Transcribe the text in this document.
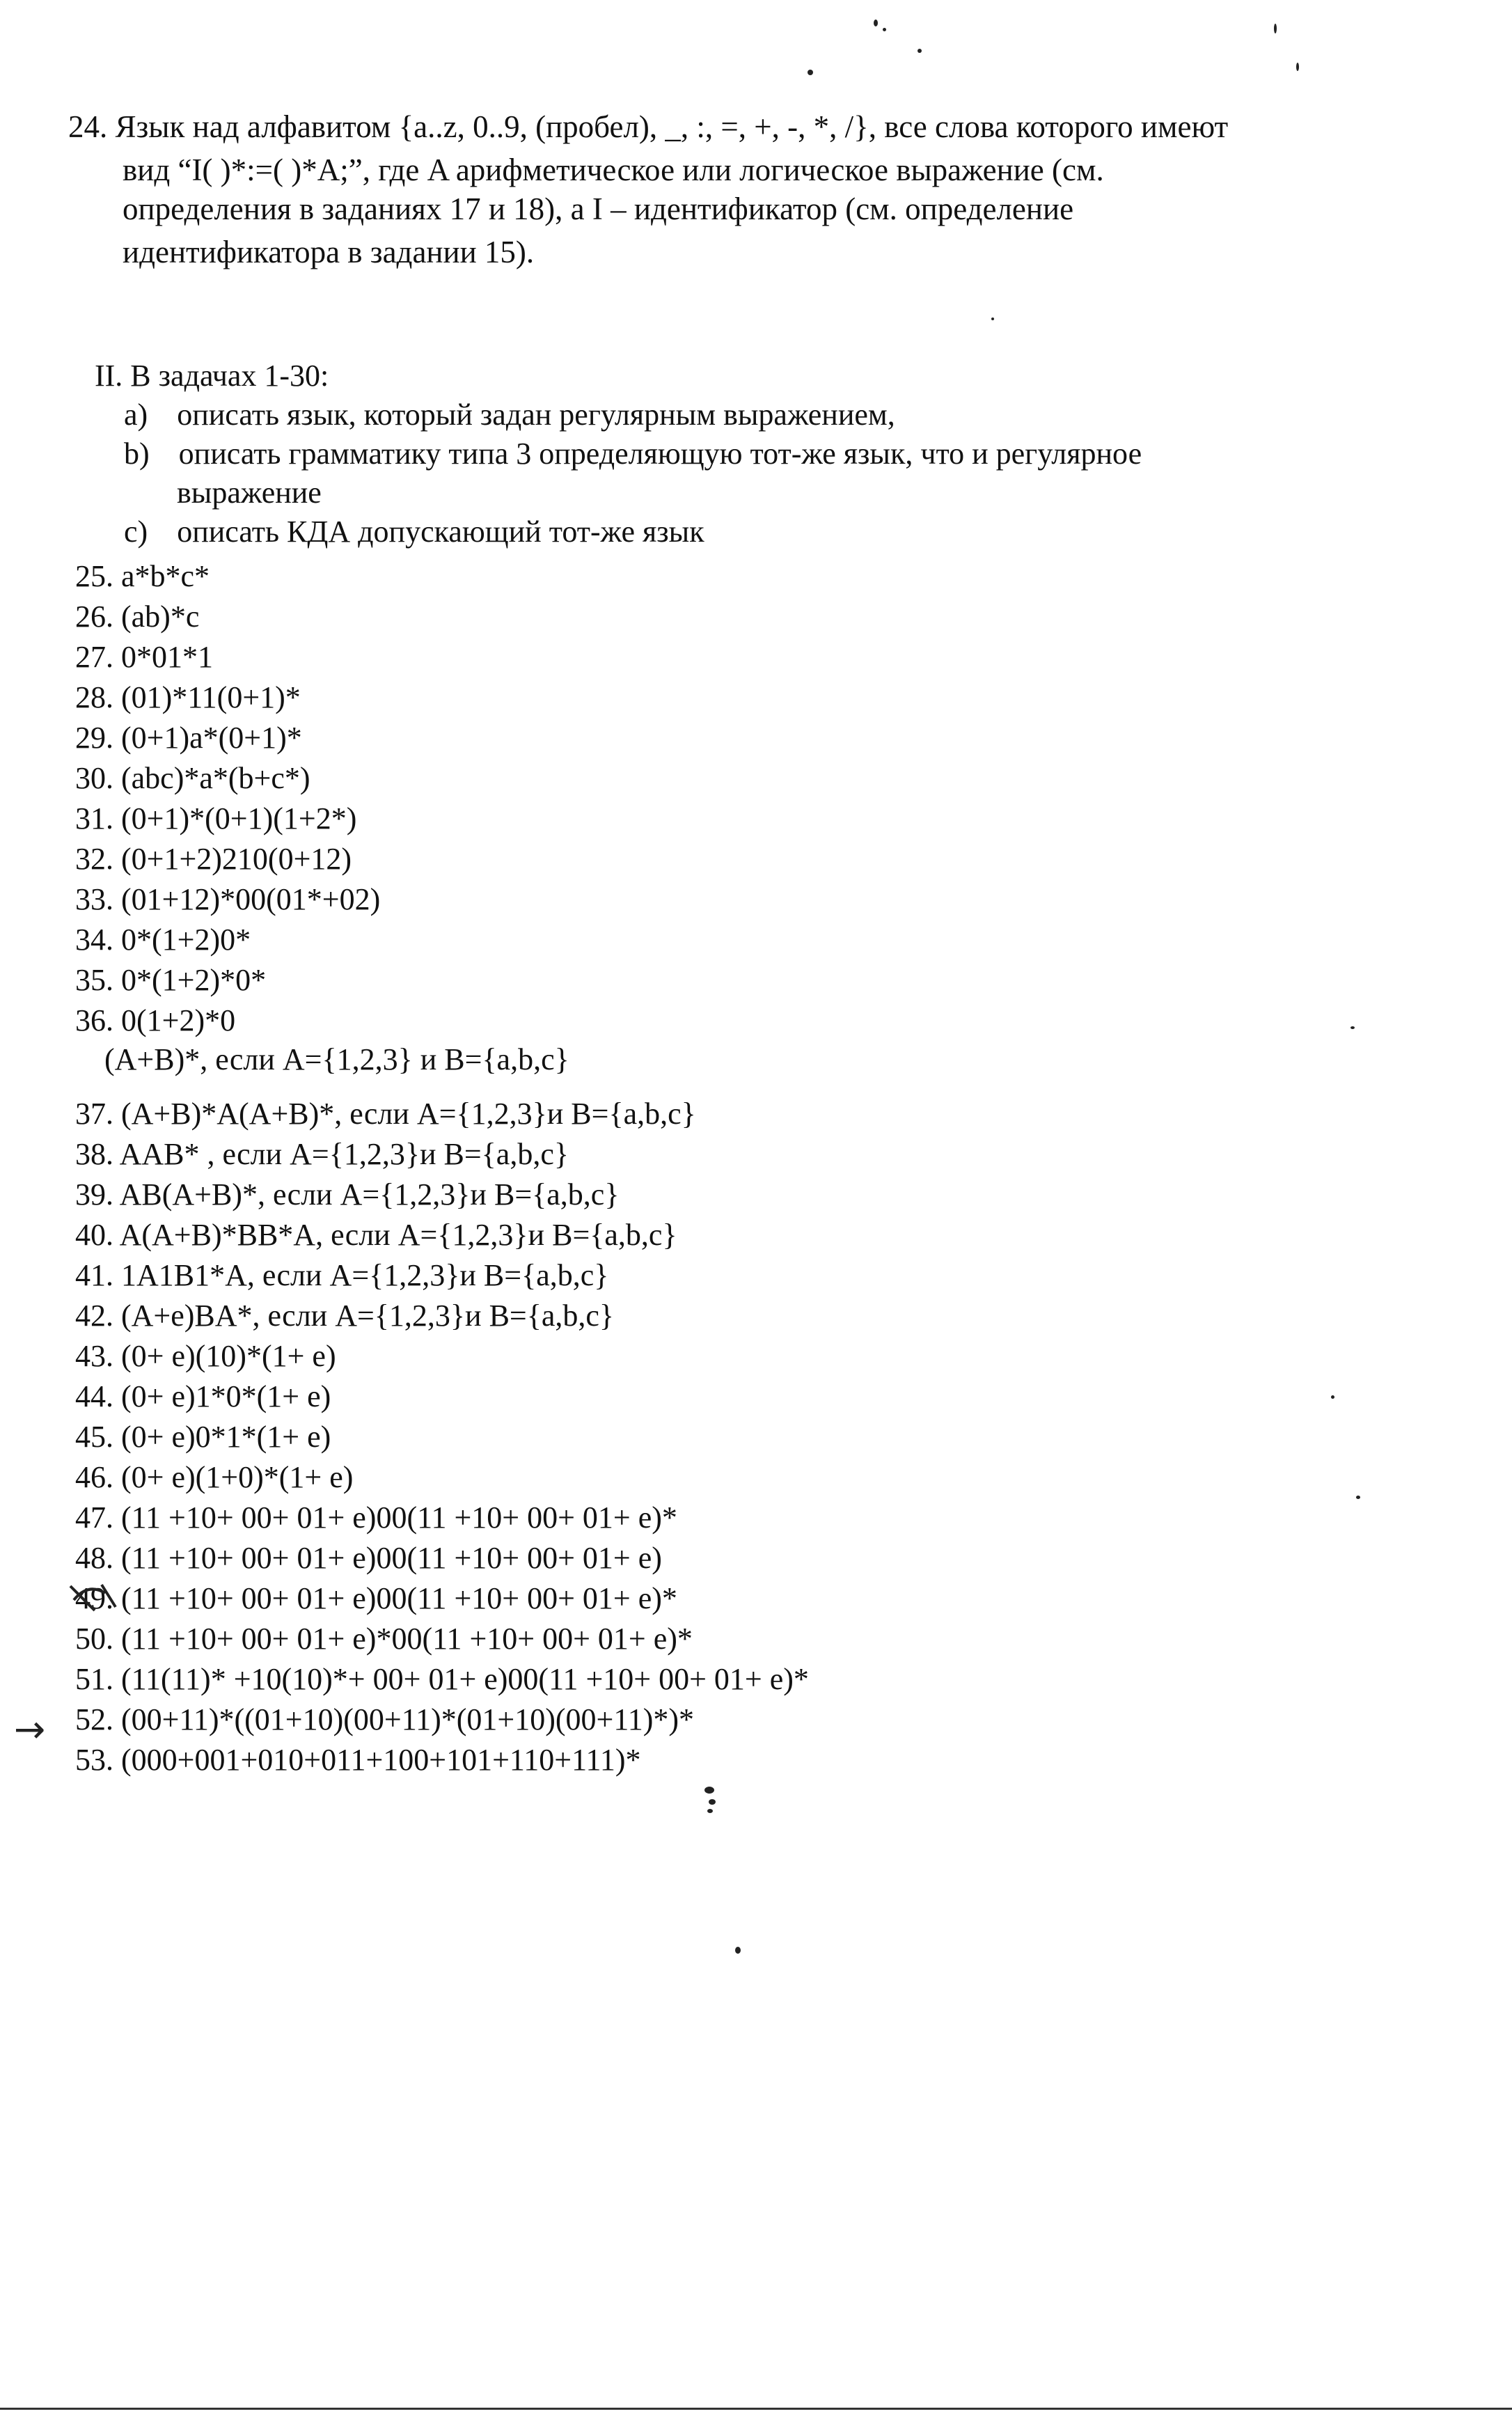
24. Язык над алфавитом {a..z, 0..9, (пробел), _, :, =, +, -, *, /}, все слова которого имеют
вид “I( )*:=( )*A;”, где A арифметическое или логическое выражение (см.
определения в заданиях 17 и 18), а I – идентификатор (см. определение
идентификатора в задании 15).
II. В задачах 1-30:
a) описать язык, который задан регулярным выражением,
b) описать грамматику типа 3 определяющую тот-же язык, что и регулярное
выражение
c) описать КДА допускающий тот-же язык
25. a*b*c*
26. (ab)*c
27. 0*01*1
28. (01)*11(0+1)*
29. (0+1)a*(0+1)*
30. (abc)*a*(b+c*)
31. (0+1)*(0+1)(1+2*)
32. (0+1+2)210(0+12)
33. (01+12)*00(01*+02)
34. 0*(1+2)0*
35. 0*(1+2)*0*
36. 0(1+2)*0
(A+B)*, если A={1,2,3} и B={a,b,c}
37. (A+B)*A(A+B)*, если A={1,2,3}и B={a,b,c}
38. AAB* , если A={1,2,3}и B={a,b,c}
39. AB(A+B)*, если A={1,2,3}и B={a,b,c}
40. A(A+B)*BB*A, если A={1,2,3}и B={a,b,c}
41. 1A1B1*A, если A={1,2,3}и B={a,b,c}
42. (A+e)BA*, если A={1,2,3}и B={a,b,c}
43. (0+ e)(10)*(1+ e)
44. (0+ e)1*0*(1+ e)
45. (0+ e)0*1*(1+ e)
46. (0+ e)(1+0)*(1+ e)
47. (11 +10+ 00+ 01+ e)00(11 +10+ 00+ 01+ e)*
48. (11 +10+ 00+ 01+ e)00(11 +10+ 00+ 01+ e)
49. (11 +10+ 00+ 01+ e)00(11 +10+ 00+ 01+ e)*
50. (11 +10+ 00+ 01+ e)*00(11 +10+ 00+ 01+ e)*
51. (11(11)* +10(10)*+ 00+ 01+ e)00(11 +10+ 00+ 01+ e)*
52. (00+11)*((01+10)(00+11)*(01+10)(00+11)*)*
53. (000+001+010+011+100+101+110+111)*
→
